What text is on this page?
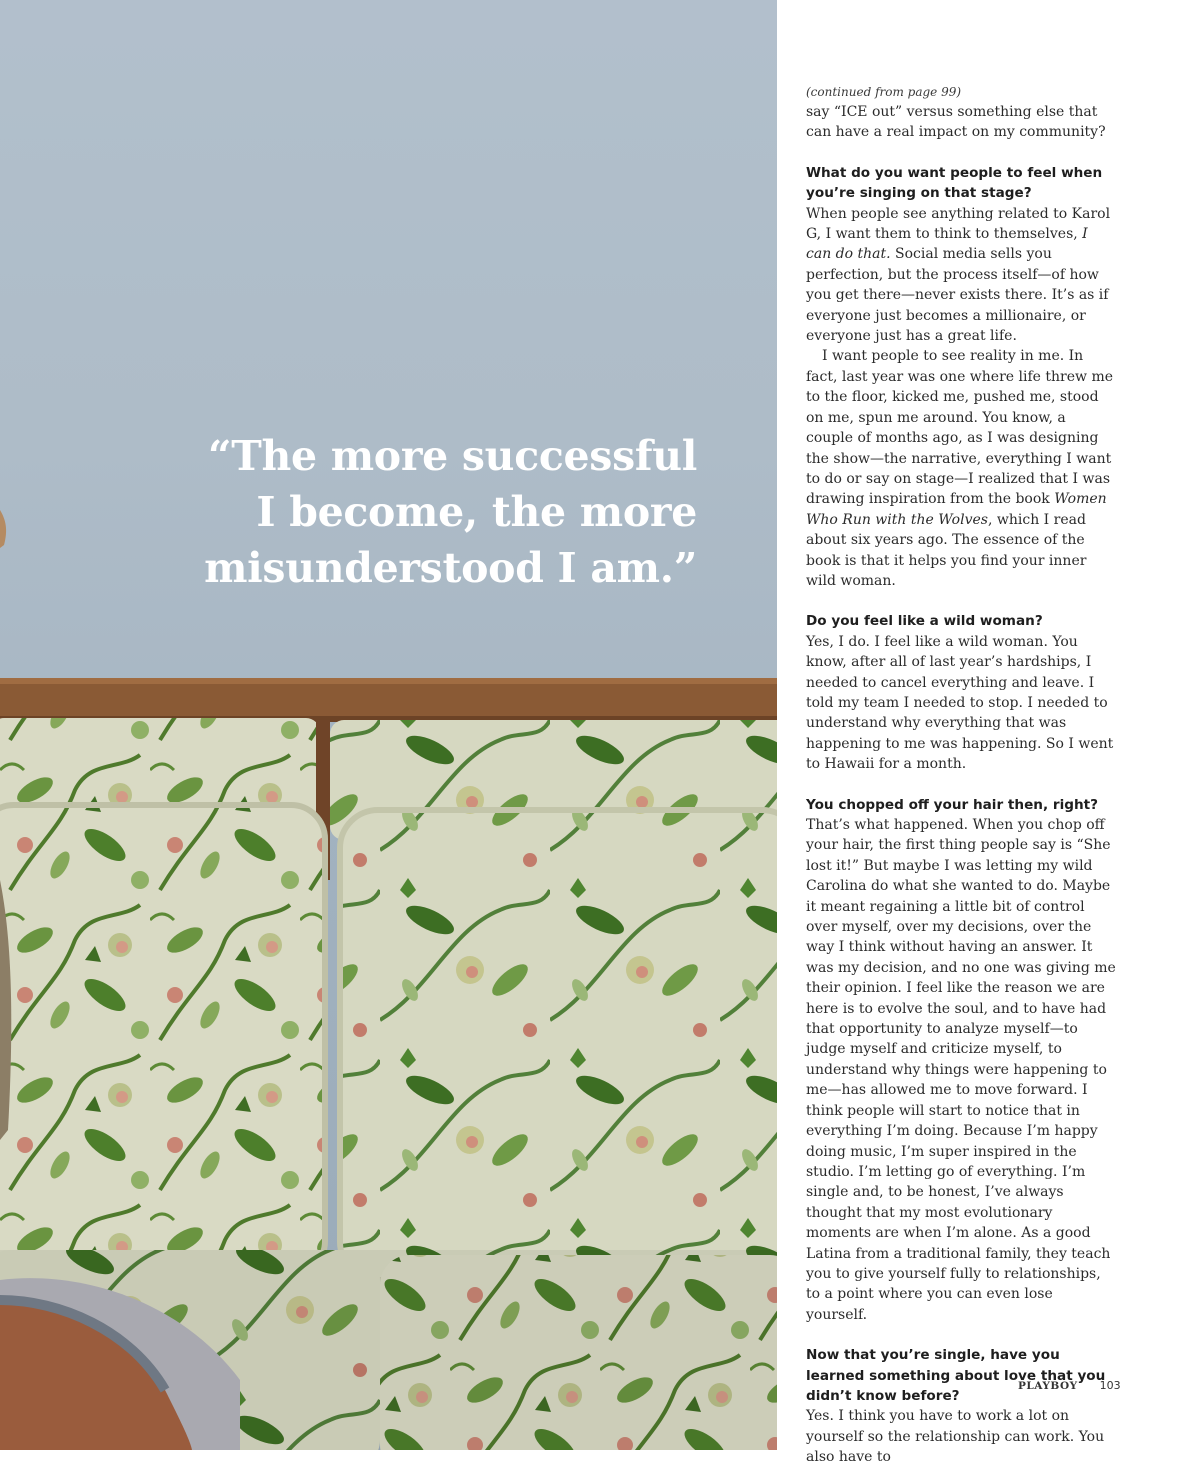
“The more successful
I become, the more
misunderstood I am.”

(continued from page 99)

say “ICE out” versus something else that can have a real impact on my community?

What do you want people to feel when you’re singing on that stage?

When people see anything related to Karol G, I want them to think to themselves, I can do that. Social media sells you perfection, but the process itself—of how you get there—never exists there. It’s as if everyone just becomes a millionaire, or everyone just has a great life.

I want people to see reality in me. In fact, last year was one where life threw me to the floor, kicked me, pushed me, stood on me, spun me around. You know, a couple of months ago, as I was designing the show—the narrative, everything I want to do or say on stage—I realized that I was drawing inspiration from the book Women Who Run with the Wolves, which I read about six years ago. The essence of the book is that it helps you find your inner wild woman.

Do you feel like a wild woman?

Yes, I do. I feel like a wild woman. You know, after all of last year’s hardships, I needed to cancel everything and leave. I told my team I needed to stop. I needed to understand why everything that was happening to me was happening. So I went to Hawaii for a month.

You chopped off your hair then, right?

That’s what happened. When you chop off your hair, the first thing people say is “She lost it!” But maybe I was letting my wild Carolina do what she wanted to do. Maybe it meant regaining a little bit of control over myself, over my decisions, over the way I think without having an answer. It was my decision, and no one was giving me their opinion. I feel like the reason we are here is to evolve the soul, and to have had that opportunity to analyze myself—to judge myself and criticize myself, to understand why things were happening to me—has allowed me to move forward. I think people will start to notice that in everything I’m doing. Because I’m happy doing music, I’m super inspired in the studio. I’m letting go of everything. I’m single and, to be honest, I’ve always thought that my most evolutionary moments are when I’m alone. As a good Latina from a traditional family, they teach you to give yourself fully to relationships, to a point where you can even lose yourself.

Now that you’re single, have you learned something about love that you didn’t know before?

Yes. I think you have to work a lot on yourself so the relationship can work. You also have to

PLAYBOY 103
